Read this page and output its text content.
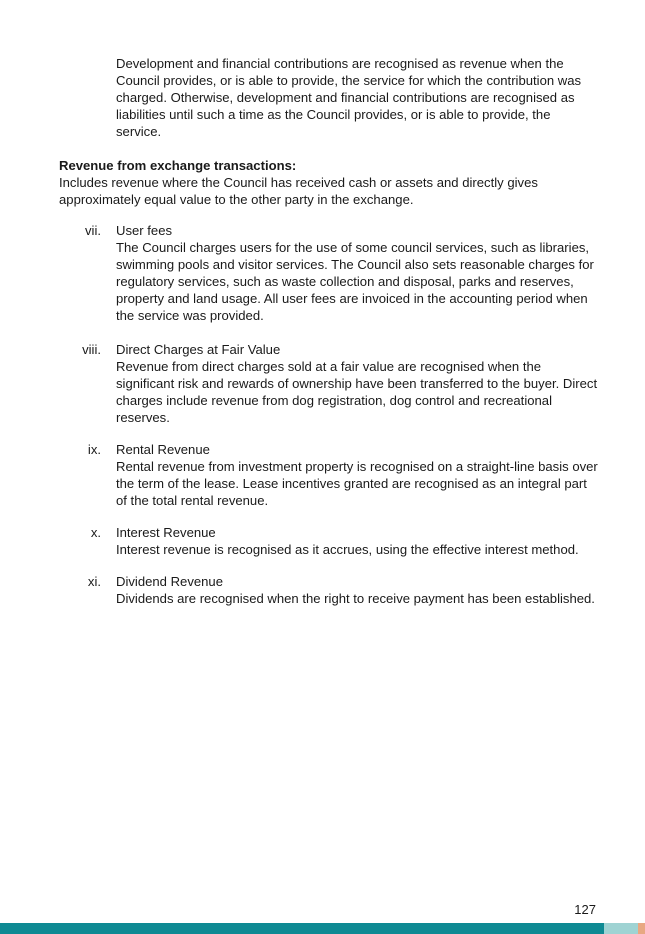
Development and financial contributions are recognised as revenue when the Council provides, or is able to provide, the service for which the contribution was charged. Otherwise, development and financial contributions are recognised as liabilities until such a time as the Council provides, or is able to provide, the service.

Revenue from exchange transactions:

Includes revenue where the Council has received cash or assets and directly gives approximately equal value to the other party in the exchange.

vii. User fees
The Council charges users for the use of some council services, such as libraries, swimming pools and visitor services. The Council also sets reasonable charges for regulatory services, such as waste collection and disposal, parks and reserves, property and land usage. All user fees are invoiced in the accounting period when the service was provided.
viii. Direct Charges at Fair Value
Revenue from direct charges sold at a fair value are recognised when the significant risk and rewards of ownership have been transferred to the buyer. Direct charges include revenue from dog registration, dog control and recreational reserves.
ix. Rental Revenue
Rental revenue from investment property is recognised on a straight-line basis over the term of the lease. Lease incentives granted are recognised as an integral part of the total rental revenue.
x. Interest Revenue
Interest revenue is recognised as it accrues, using the effective interest method.
xi. Dividend Revenue
Dividends are recognised when the right to receive payment has been established.
127
